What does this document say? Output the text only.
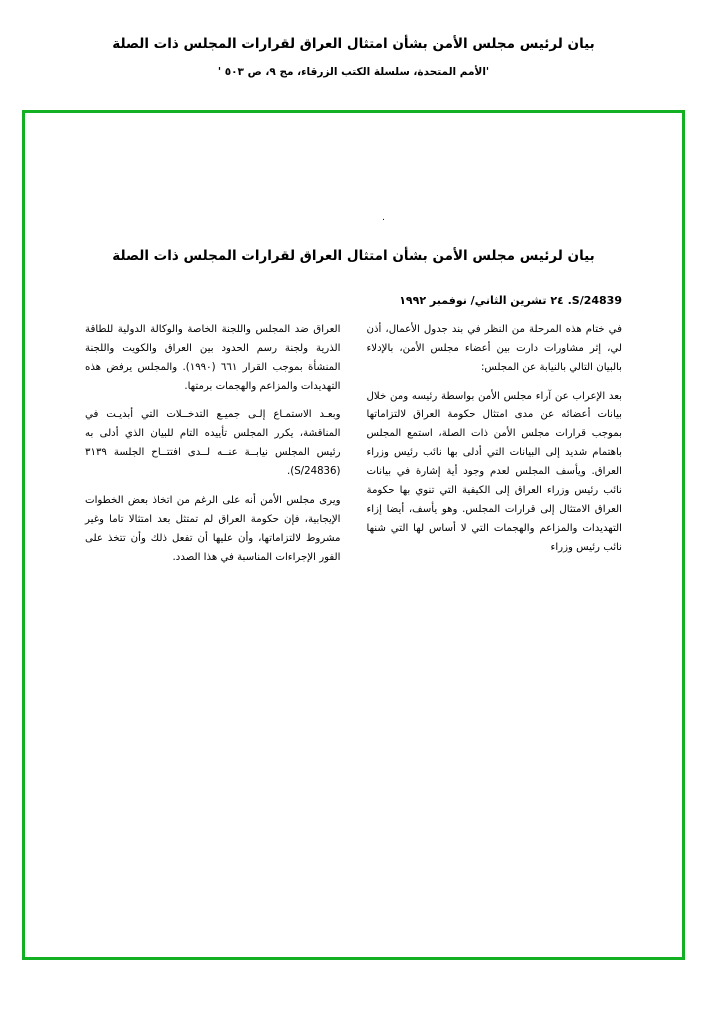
بيان لرئيس مجلس الأمن بشأن امتثال العراق لقرارات المجلس ذات الصلة
'الأمم المتحدة، سلسلة الكتب الزرقاء، مج ٩، ص ٥٠٣ '
.
بيان لرئيس مجلس الأمن بشأن امتثال العراق لقرارات المجلس ذات الصلة
S/24839. ٢٤ تشرين الثاني/ نوفمبر ١٩٩٢

في ختام هذه المرحلة من النظر في بند جدول الأعمال، أذن لي، إثر مشاورات دارت بين أعضاء مجلس الأمن، بالإدلاء بالبيان التالي بالنيابة عن المجلس:

بعد الإعراب عن آراء مجلس الأمن بواسطة رئيسه ومن خلال بيانات أعضائه عن مدى امتثال حكومة العراق لالتزاماتها بموجب قرارات مجلس الأمن ذات الصلة، استمع المجلس باهتمام شديد إلى البيانات التي أدلى بها نائب رئيس وزراء العراق. ويأسف المجلس لعدم وجود أية إشارة في بيانات نائب رئيس وزراء العراق إلى الكيفية التي تنوي بها حكومة العراق الامتثال إلى قرارات المجلس. وهو يأسف، أيضا إزاء التهديدات والمزاعم والهجمات التي لا أساس لها التي شنها نائب رئيس وزراء

العراق ضد المجلس واللجنة الخاصة والوكالة الدولية للطاقة الذرية ولجنة رسم الحدود بين العراق والكويت واللجنة المنشأة بموجب القرار ٦٦١ (١٩٩٠). والمجلس يرفض هذه التهديدات والمزاعم والهجمات برمتها.

وبعـد الاستمـاع إلـى جميـع التدخــلات التي أبديـت في المناقشة، يكرر المجلس تأييده التام للبيان الذي أدلى به رئيس المجلس نيابــة عنــه لــدى افتتــاح الجلسة ٣١٣٩ (S/24836).

ويرى مجلس الأمن أنه على الرغم من اتخاذ بعض الخطوات الإيجابية، فإن حكومة العراق لم تمتثل بعد امتثالا تاما وغير مشروط لالتزاماتها، وأن عليها أن تفعل ذلك وأن تتخذ على الفور الإجراءات المناسبة في هذا الصدد.
